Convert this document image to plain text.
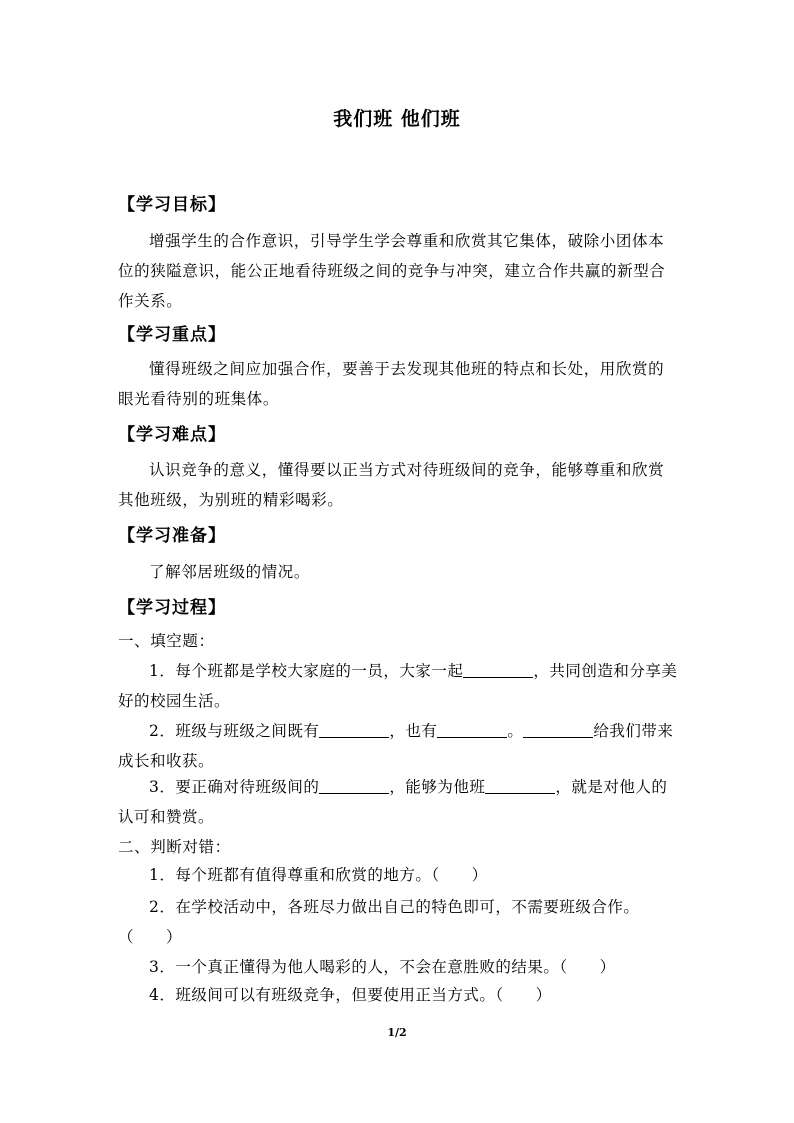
我们班 他们班
【学习目标】
增强学生的合作意识，引导学生学会尊重和欣赏其它集体，破除小团体本位的狭隘意识，能公正地看待班级之间的竞争与冲突，建立合作共赢的新型合作关系。
【学习重点】
懂得班级之间应加强合作，要善于去发现其他班的特点和长处，用欣赏的眼光看待别的班集体。
【学习难点】
认识竞争的意义，懂得要以正当方式对待班级间的竞争，能够尊重和欣赏其他班级，为别班的精彩喝彩。
【学习准备】
了解邻居班级的情况。
【学习过程】
一、填空题：
1．每个班都是学校大家庭的一员，大家一起	，共同创造和分享美好的校园生活。
2．班级与班级之间既有	，也有	。	给我们带来成长和收获。
3．要正确对待班级间的	，能够为他班	，就是对他人的认可和赞赏。
二、判断对错：
1．每个班都有值得尊重和欣赏的地方。（　　）
2．在学校活动中，各班尽力做出自己的特色即可，不需要班级合作。（　　）
3．一个真正懂得为他人喝彩的人，不会在意胜败的结果。（　　）
4．班级间可以有班级竞争，但要使用正当方式。（　　）
1/2
